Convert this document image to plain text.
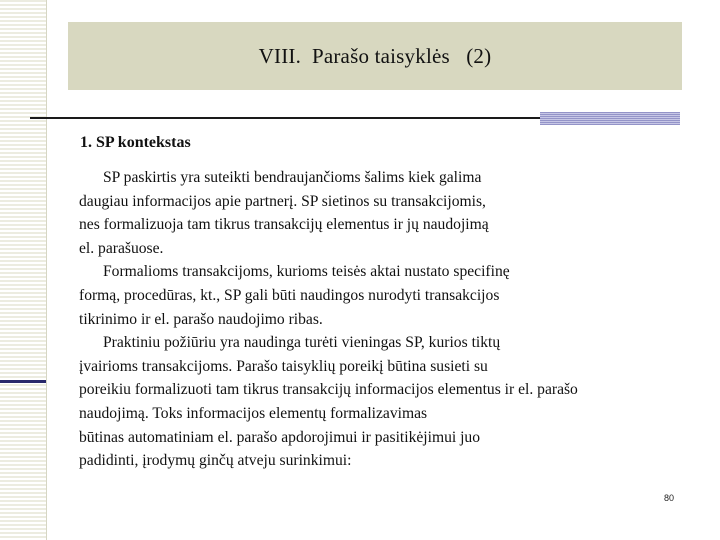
VIII.  Parašo taisyklės   (2)
1. SP kontekstas
SP paskirtis yra suteikti bendraujančioms šalims kiek galima
daugiau informacijos apie partnerį. SP sietinos su transakcijomis,
nes formalizuoja tam tikrus transakcijų elementus ir jų naudojimą
el. parašuose.
Formalioms transakcijoms, kurioms teisės aktai nustato specifinę
formą, procedūras, kt., SP gali būti naudingos nurodyti transakcijos
tikrinimo ir el. parašo naudojimo ribas.
Praktiniu požiūriu yra naudinga turėti vieningas SP, kurios tiktų
įvairioms transakcijoms. Parašo taisyklių poreikį būtina susieti su
poreikiu formalizuoti tam tikrus transakcijų informacijos elementus ir el. parašo
naudojimą. Toks informacijos elementų formalizavimas
būtinas automatiniam el. parašo apdorojimui ir pasitikėjimui juo
padidinti, įrodymų ginčų atveju surinkimui:
80
